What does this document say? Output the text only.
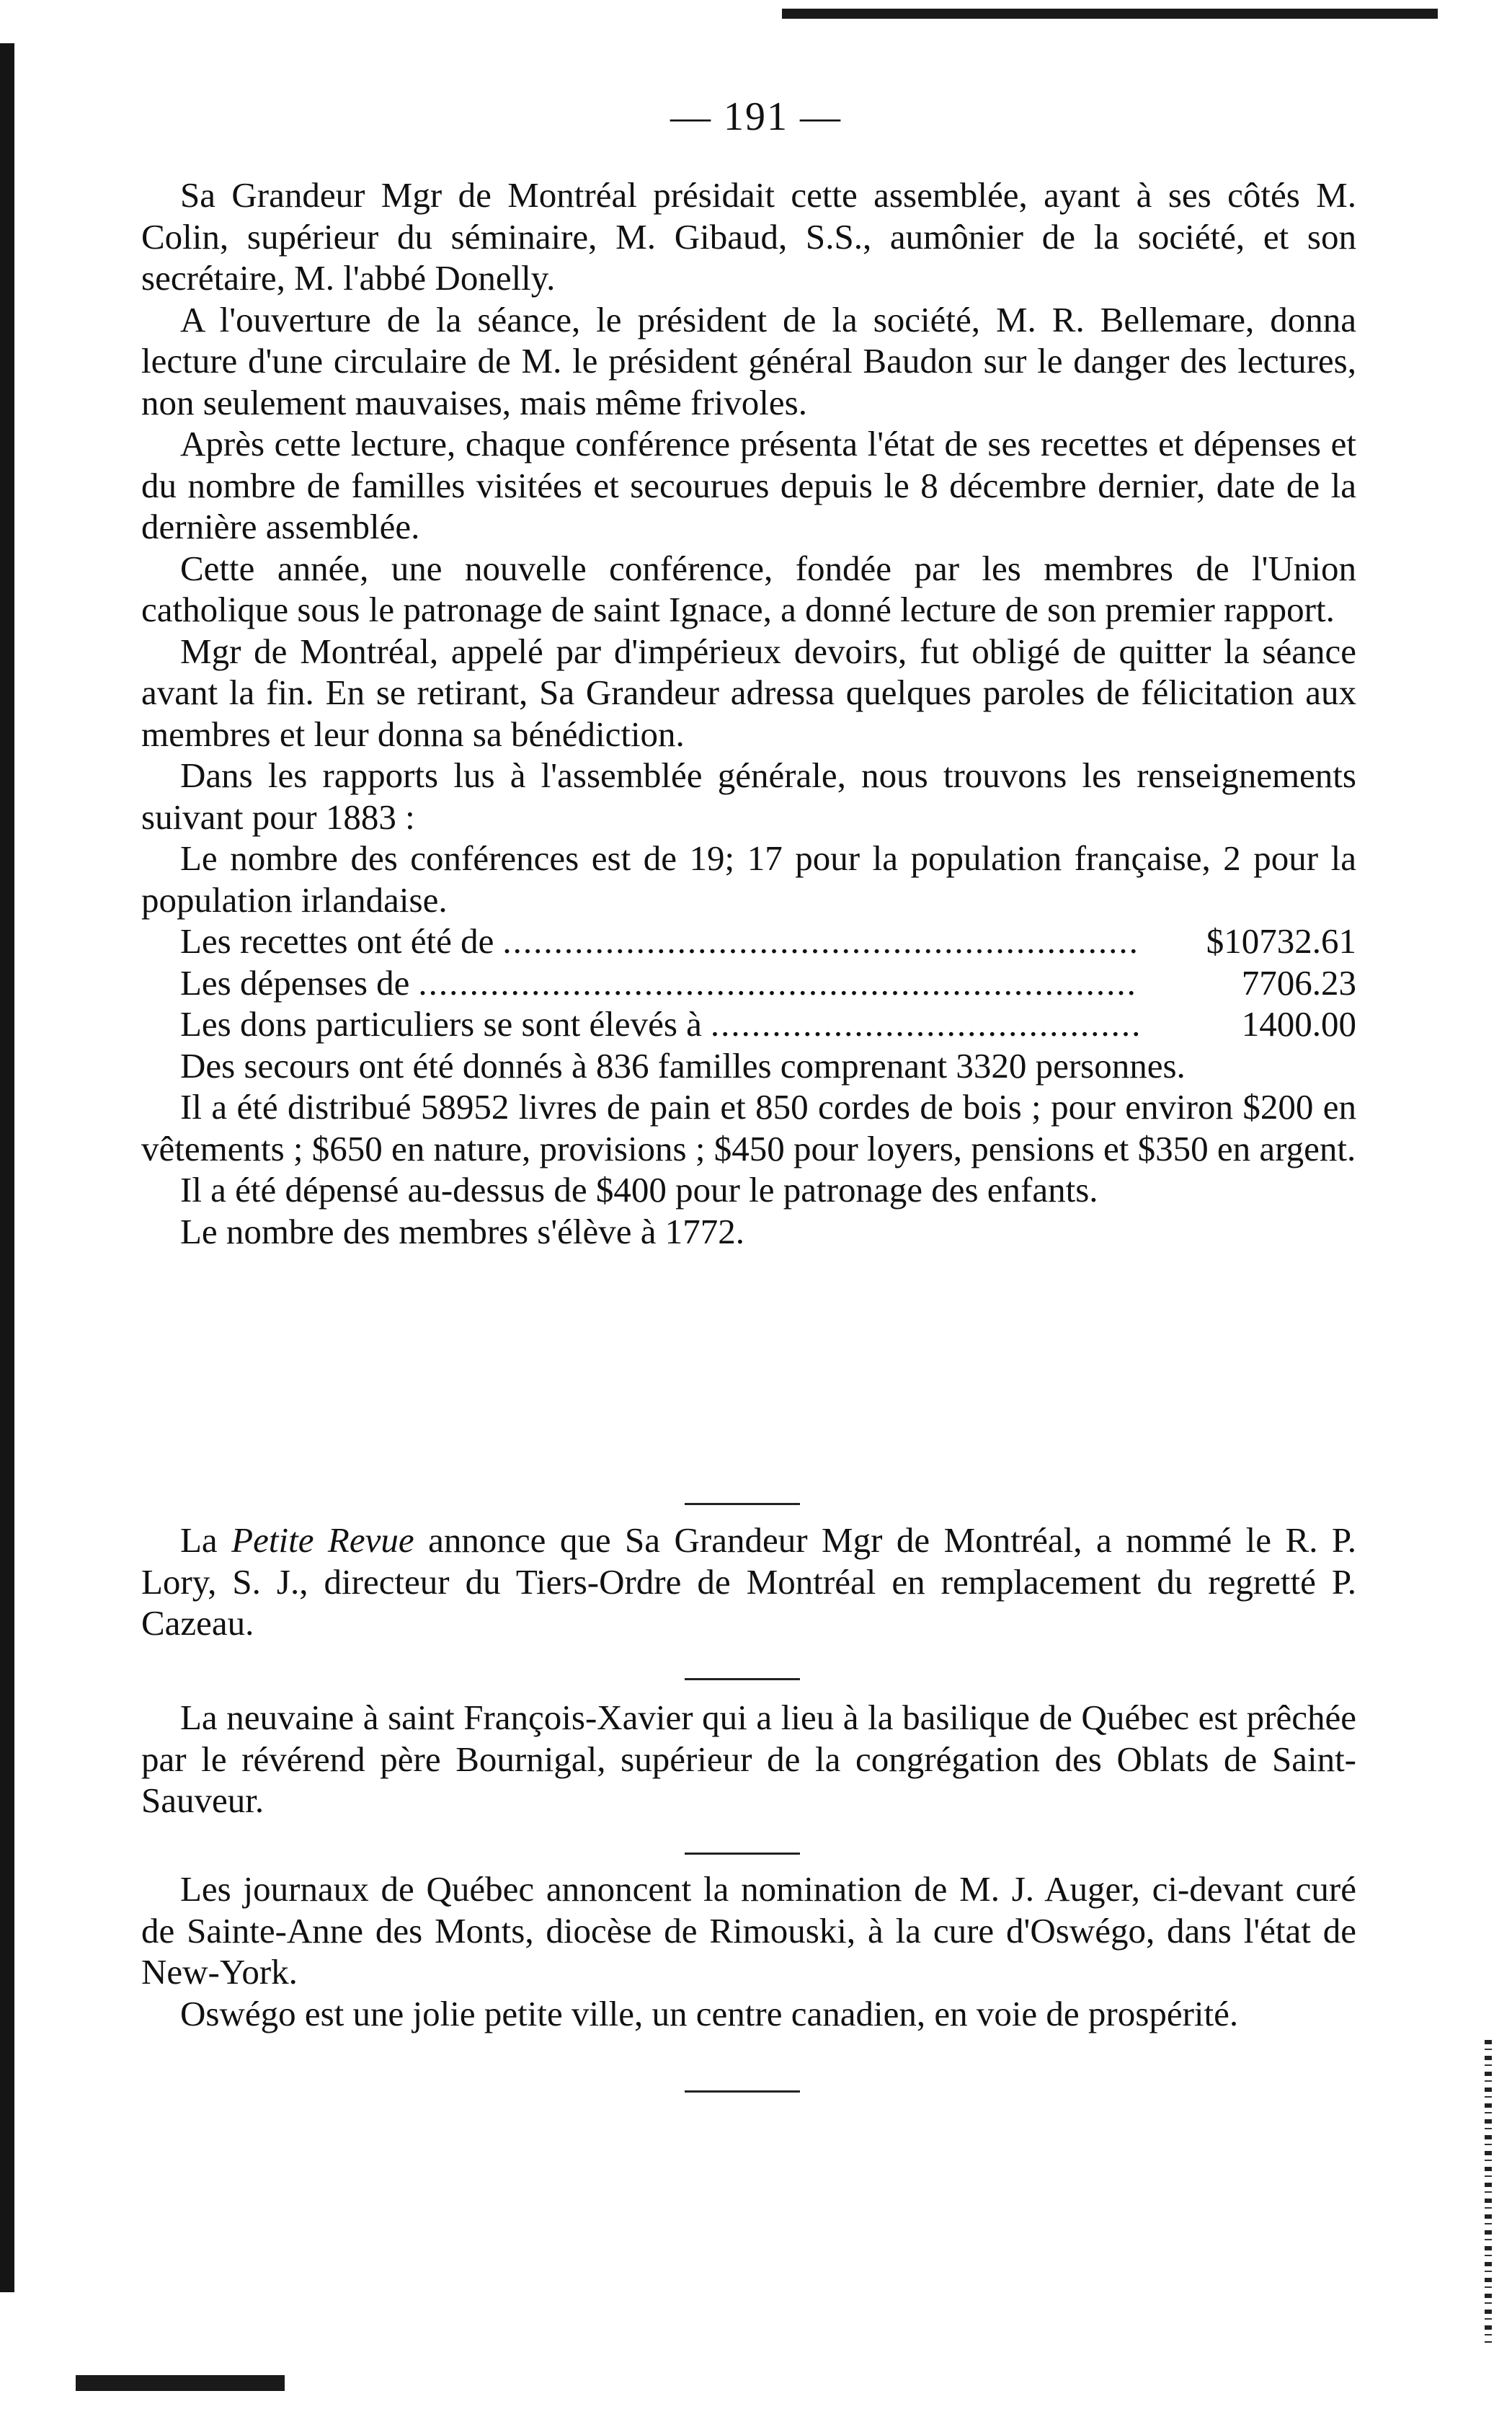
— 191 —

Sa Grandeur Mgr de Montréal présidait cette assemblée, ayant à ses côtés M. Colin, supérieur du séminaire, M. Gibaud, S.S., aumônier de la société, et son secrétaire, M. l'abbé Donelly.

A l'ouverture de la séance, le président de la société, M. R. Bellemare, donna lecture d'une circulaire de M. le président général Baudon sur le danger des lectures, non seulement mauvaises, mais même frivoles.

Après cette lecture, chaque conférence présenta l'état de ses recettes et dépenses et du nombre de familles visitées et secourues depuis le 8 décembre dernier, date de la dernière assemblée.

Cette année, une nouvelle conférence, fondée par les membres de l'Union catholique sous le patronage de saint Ignace, a donné lecture de son premier rapport.

Mgr de Montréal, appelé par d'impérieux devoirs, fut obligé de quitter la séance avant la fin. En se retirant, Sa Grandeur adressa quelques paroles de félicitation aux membres et leur donna sa bénédiction.

Dans les rapports lus à l'assemblée générale, nous trouvons les renseignements suivant pour 1883 :

Le nombre des conférences est de 19; 17 pour la population française, 2 pour la population irlandaise.

Les recettes ont été de .....	$10732.61
Les dépenses de .....	7706.23
Les dons particuliers se sont élevés à .....	1400.00

Des secours ont été donnés à 836 familles comprenant 3320 personnes.

Il a été distribué 58952 livres de pain et 850 cordes de bois ; pour environ $200 en vêtements ; $650 en nature, provisions ; $450 pour loyers, pensions et $350 en argent.

Il a été dépensé au-dessus de $400 pour le patronage des enfants.

Le nombre des membres s'élève à 1772.

La Petite Revue annonce que Sa Grandeur Mgr de Montréal, a nommé le R. P. Lory, S. J., directeur du Tiers-Ordre de Montréal en remplacement du regretté P. Cazeau.

La neuvaine à saint François-Xavier qui a lieu à la basilique de Québec est prêchée par le révérend père Bournigal, supérieur de la congrégation des Oblats de Saint-Sauveur.

Les journaux de Québec annoncent la nomination de M. J. Auger, ci-devant curé de Sainte-Anne des Monts, diocèse de Rimouski, à la cure d'Oswégo, dans l'état de New-York.

Oswégo est une jolie petite ville, un centre canadien, en voie de prospérité.
